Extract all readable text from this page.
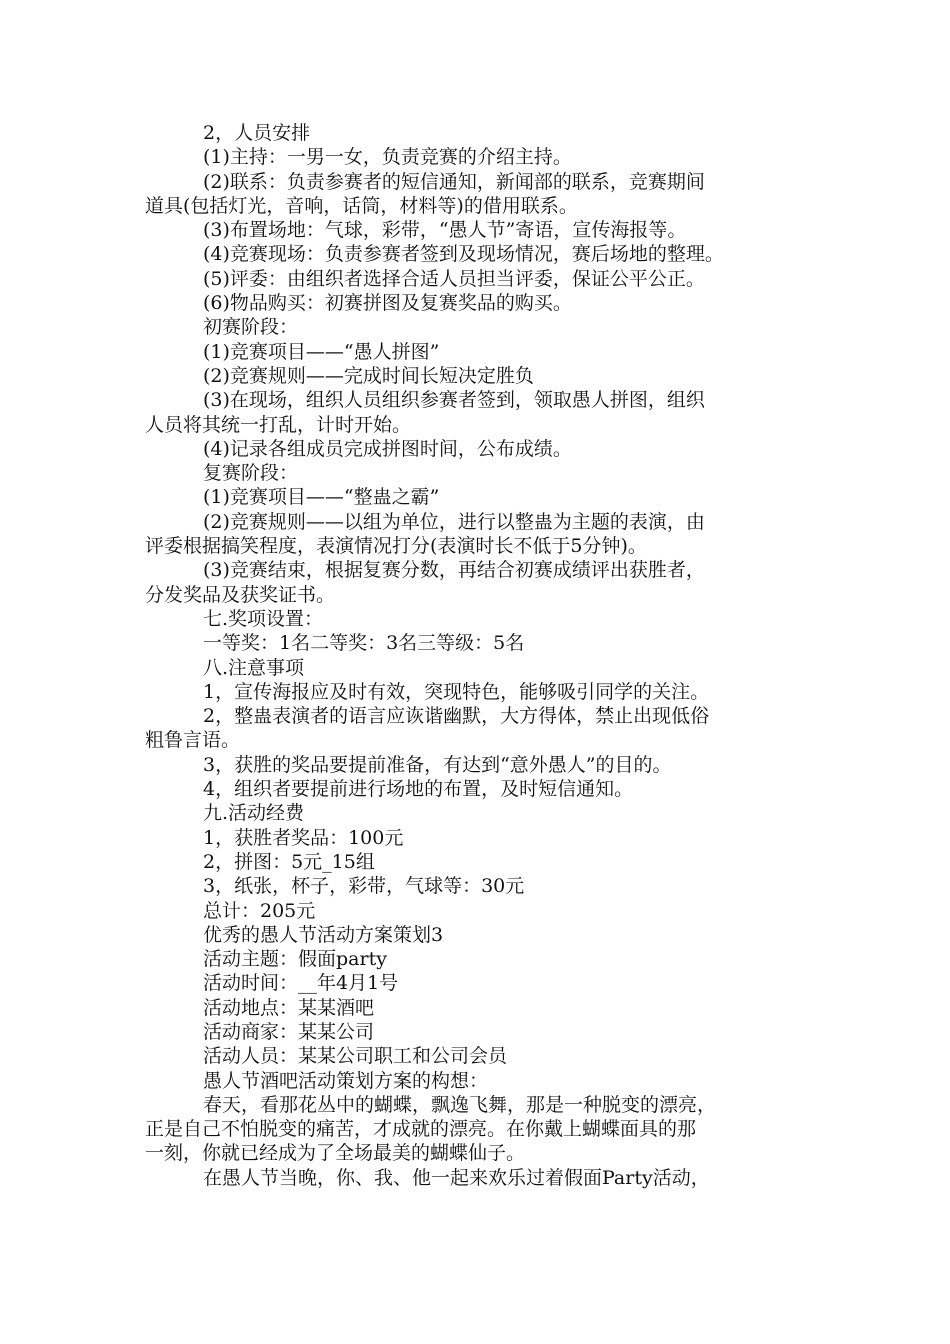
2，人员安排
(1)主持：一男一女，负责竞赛的介绍主持。
(2)联系：负责参赛者的短信通知，新闻部的联系，竞赛期间
道具(包括灯光，音响，话筒，材料等)的借用联系。
(3)布置场地：气球，彩带，“愚人节”寄语，宣传海报等。
(4)竞赛现场：负责参赛者签到及现场情况，赛后场地的整理。
(5)评委：由组织者选择合适人员担当评委，保证公平公正。
(6)物品购买：初赛拼图及复赛奖品的购买。
初赛阶段：
(1)竞赛项目——“愚人拼图”
(2)竞赛规则——完成时间长短决定胜负
(3)在现场，组织人员组织参赛者签到，领取愚人拼图，组织
人员将其统一打乱，计时开始。
(4)记录各组成员完成拼图时间，公布成绩。
复赛阶段：
(1)竞赛项目——“整蛊之霸”
(2)竞赛规则——以组为单位，进行以整蛊为主题的表演，由
评委根据搞笑程度，表演情况打分(表演时长不低于5分钟)。
(3)竞赛结束，根据复赛分数，再结合初赛成绩评出获胜者，
分发奖品及获奖证书。
七.奖项设置：
一等奖：1名二等奖：3名三等级：5名
八.注意事项
1，宣传海报应及时有效，突现特色，能够吸引同学的关注。
2，整蛊表演者的语言应诙谐幽默，大方得体，禁止出现低俗
粗鲁言语。
3，获胜的奖品要提前准备，有达到“意外愚人”的目的。
4，组织者要提前进行场地的布置，及时短信通知。
九.活动经费
1，获胜者奖品：100元
2，拼图：5元_15组
3，纸张，杯子，彩带，气球等：30元
总计：205元
优秀的愚人节活动方案策划3
活动主题：假面party
活动时间：__年4月1号
活动地点：某某酒吧
活动商家：某某公司
活动人员：某某公司职工和公司会员
愚人节酒吧活动策划方案的构想：
春天，看那花丛中的蝴蝶，飘逸飞舞，那是一种脱变的漂亮，
正是自己不怕脱变的痛苦，才成就的漂亮。在你戴上蝴蝶面具的那
一刻，你就已经成为了全场最美的蝴蝶仙子。
在愚人节当晚，你、我、他一起来欢乐过着假面Party活动，
